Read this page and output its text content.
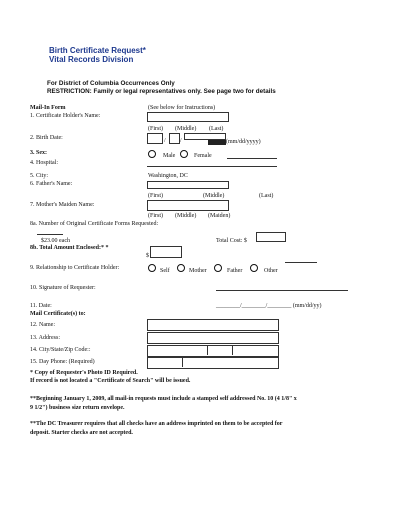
Birth Certificate Request*
Vital Records Division
For District of Columbia Occurrences Only
RESTRICTION: Family or legal representatives only. See page two for details
Mail-In Form	(See below for Instructions)
1. Certificate Holder's Name:
(First) (Middle) (Last)
2. Birth Date:	/ /	(mm/dd/yyyy)
3. Sex:	Male	Female
4. Hospital:
5. City:	Washington, DC
6. Father's Name:
(First)	(Middle)	(Last)
7. Mother's Maiden Name:
(First) (Middle) (Maiden)
8a. Number of Original Certificate Forms Requested:
$23.00 each	Total Cost: $
8b. Total Amount Enclosed:* *
$
9. Relationship to Certificate Holder:	Self	Mother	Father	Other
10. Signature of Requester:
11. Date:	________/________/________ (mm/dd/yy)
Mail Certificate(s) to:
12. Name:
13. Address:
14. City/State/Zip Code::
15. Day Phone: (Required)
* Copy of Requester's Photo ID Required.
If record is not located a "Certificate of Search" will be issued.
**Beginning January 1, 2009, all mail-in requests must include a stamped self addressed No. 10 (4 1/8" x
9 1/2") business size return envelope.
**The DC Treasurer requires that all checks have an address imprinted on them to be accepted for
deposit. Starter checks are not accepted.
